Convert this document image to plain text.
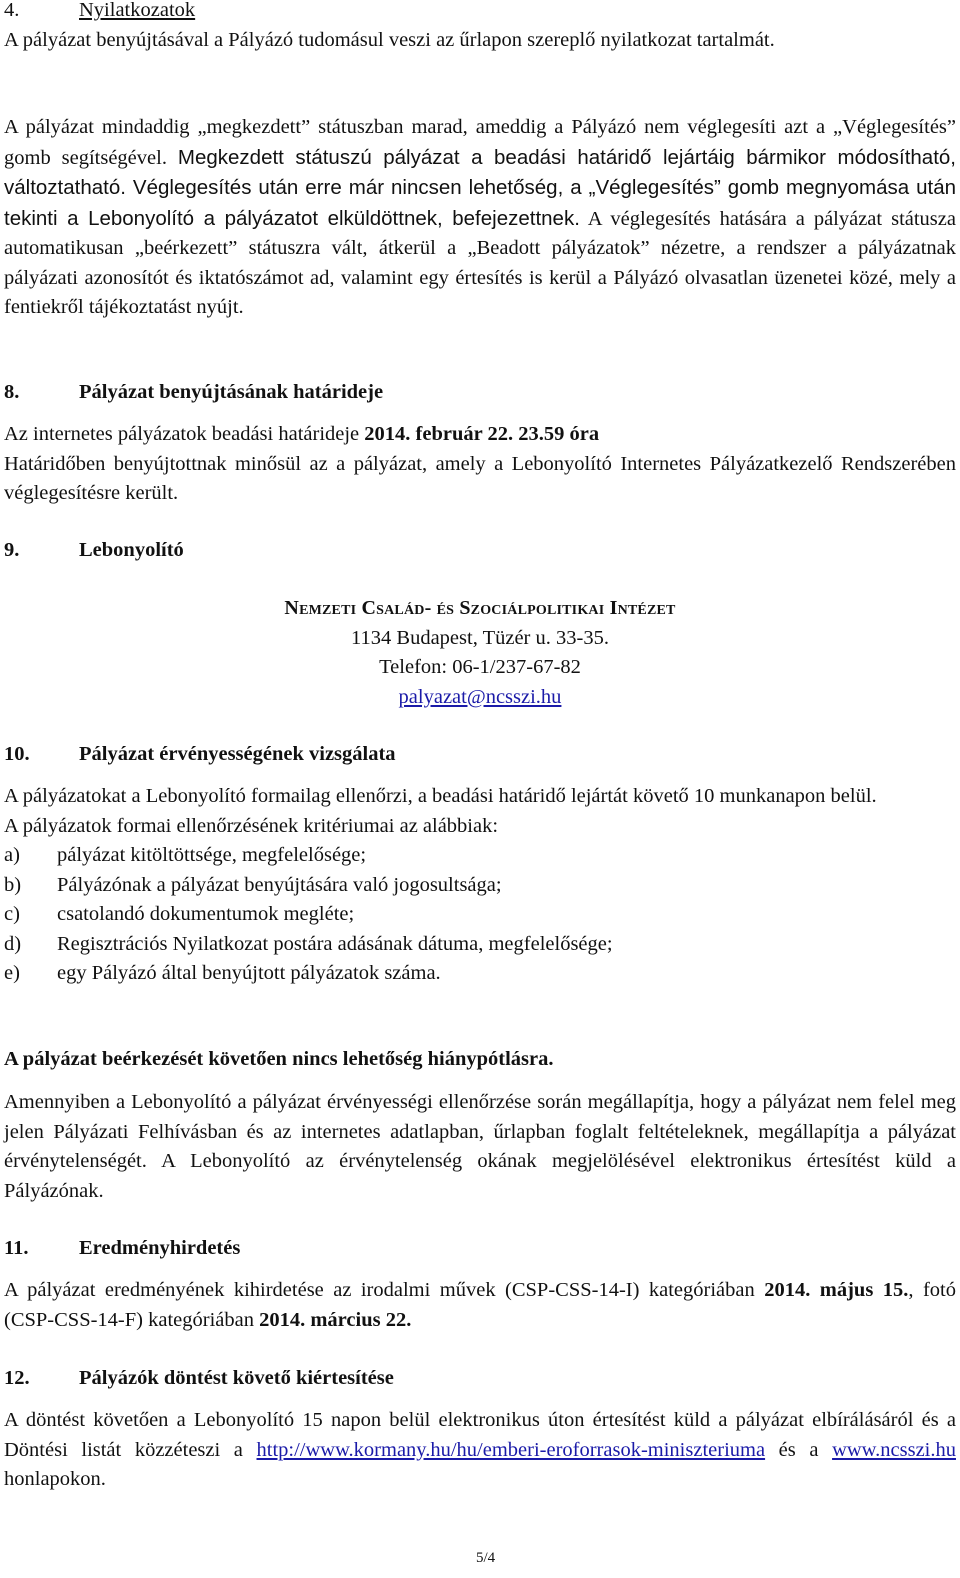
4.	Nyilatkozatok

A pályázat benyújtásával a Pályázó tudomásul veszi az űrlapon szereplő nyilatkozat tartalmát.

A pályázat mindaddig „megkezdett” státuszban marad, ameddig a Pályázó nem véglegesíti azt a „Véglegesítés” gomb segítségével. Megkezdett státuszú pályázat a beadási határidő lejártáig bármikor módosítható, változtatható. Véglegesítés után erre már nincsen lehetőség, a „Véglegesítés” gomb megnyomása után tekinti a Lebonyolító a pályázatot elküldöttnek, befejezettnek. A véglegesítés hatására a pályázat státusza automatikusan „beérkezett” státuszra vált, átkerül a „Beadott pályázatok” nézetre, a rendszer a pályázatnak pályázati azonosítót és iktatószámot ad, valamint egy értesítés is kerül a Pályázó olvasatlan üzenetei közé, mely a fentiekről tájékoztatást nyújt.

8.	Pályázat benyújtásának határideje

Az internetes pályázatok beadási határideje 2014. február 22. 23.59 óra

Határidőben benyújtottnak minősül az a pályázat, amely a Lebonyolító Internetes Pályázatkezelő Rendszerében véglegesítésre került.

9.	Lebonyolító
Nemzeti Család- és Szociálpolitikai Intézet
1134 Budapest, Tüzér u. 33-35.
Telefon: 06-1/237-67-82
palyazat@ncsszi.hu
10. Pályázat érvényességének vizsgálata

A pályázatokat a Lebonyolító formailag ellenőrzi, a beadási határidő lejártát követő 10 munkanapon belül.

A pályázatok formai ellenőrzésének kritériumai az alábbiak:

a)	pályázat kitöltöttsége, megfelelősége;
b)	Pályázónak a pályázat benyújtására való jogosultsága;
c)	csatolandó dokumentumok megléte;
d)	Regisztrációs Nyilatkozat postára adásának dátuma, megfelelősége;
e)	egy Pályázó által benyújtott pályázatok száma.
A pályázat beérkezését követően nincs lehetőség hiánypótlásra.

Amennyiben a Lebonyolító a pályázat érvényességi ellenőrzése során megállapítja, hogy a pályázat nem felel meg jelen Pályázati Felhívásban és az internetes adatlapban, űrlapban foglalt feltételeknek, megállapítja a pályázat érvénytelenségét. A Lebonyolító az érvénytelenség okának megjelölésével elektronikus értesítést küld a Pályázónak.

11. Eredményhirdetés

A pályázat eredményének kihirdetése az irodalmi művek (CSP-CSS-14-I) kategóriában 2014. május 15., fotó (CSP-CSS-14-F) kategóriában 2014. március 22.

12. Pályázók döntést követő kiértesítése

A döntést követően a Lebonyolító 15 napon belül elektronikus úton értesítést küld a pályázat elbírálásáról és a Döntési listát közzéteszi a http://www.kormany.hu/hu/emberi-eroforrasok-miniszteriuma és a www.ncsszi.hu honlapokon.

5/4
